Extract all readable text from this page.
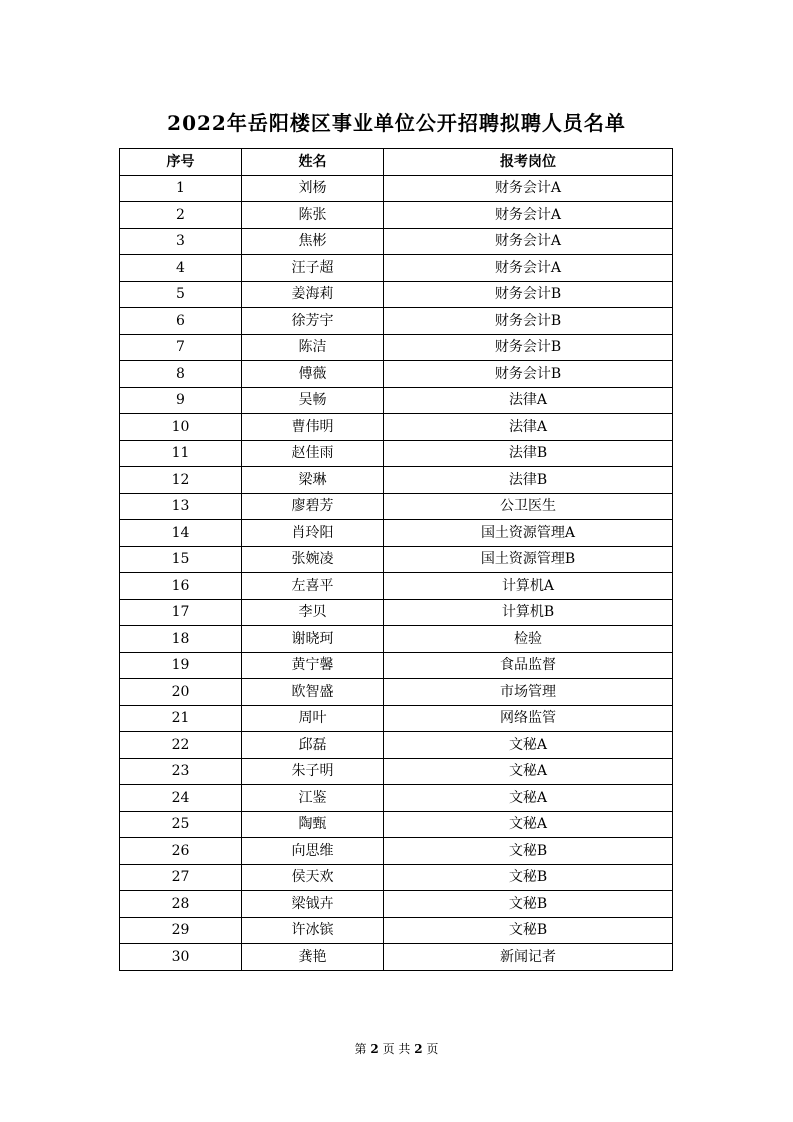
2022年岳阳楼区事业单位公开招聘拟聘人员名单
序号	姓名	报考岗位
1	刘杨	财务会计A
2	陈张	财务会计A
3	焦彬	财务会计A
4	汪子超	财务会计A
5	姜海莉	财务会计B
6	徐芳宇	财务会计B
7	陈洁	财务会计B
8	傅薇	财务会计B
9	吴畅	法律A
10	曹伟明	法律A
11	赵佳雨	法律B
12	梁琳	法律B
13	廖碧芳	公卫医生
14	肖玲阳	国土资源管理A
15	张婉凌	国土资源管理B
16	左喜平	计算机A
17	李贝	计算机B
18	谢晓珂	检验
19	黄宁馨	食品监督
20	欧智盛	市场管理
21	周叶	网络监管
22	邱磊	文秘A
23	朱子明	文秘A
24	江鉴	文秘A
25	陶甄	文秘A
26	向思维	文秘B
27	侯天欢	文秘B
28	梁钺卉	文秘B
29	许冰镔	文秘B
30	龚艳	新闻记者
第 2 页 共 2 页
